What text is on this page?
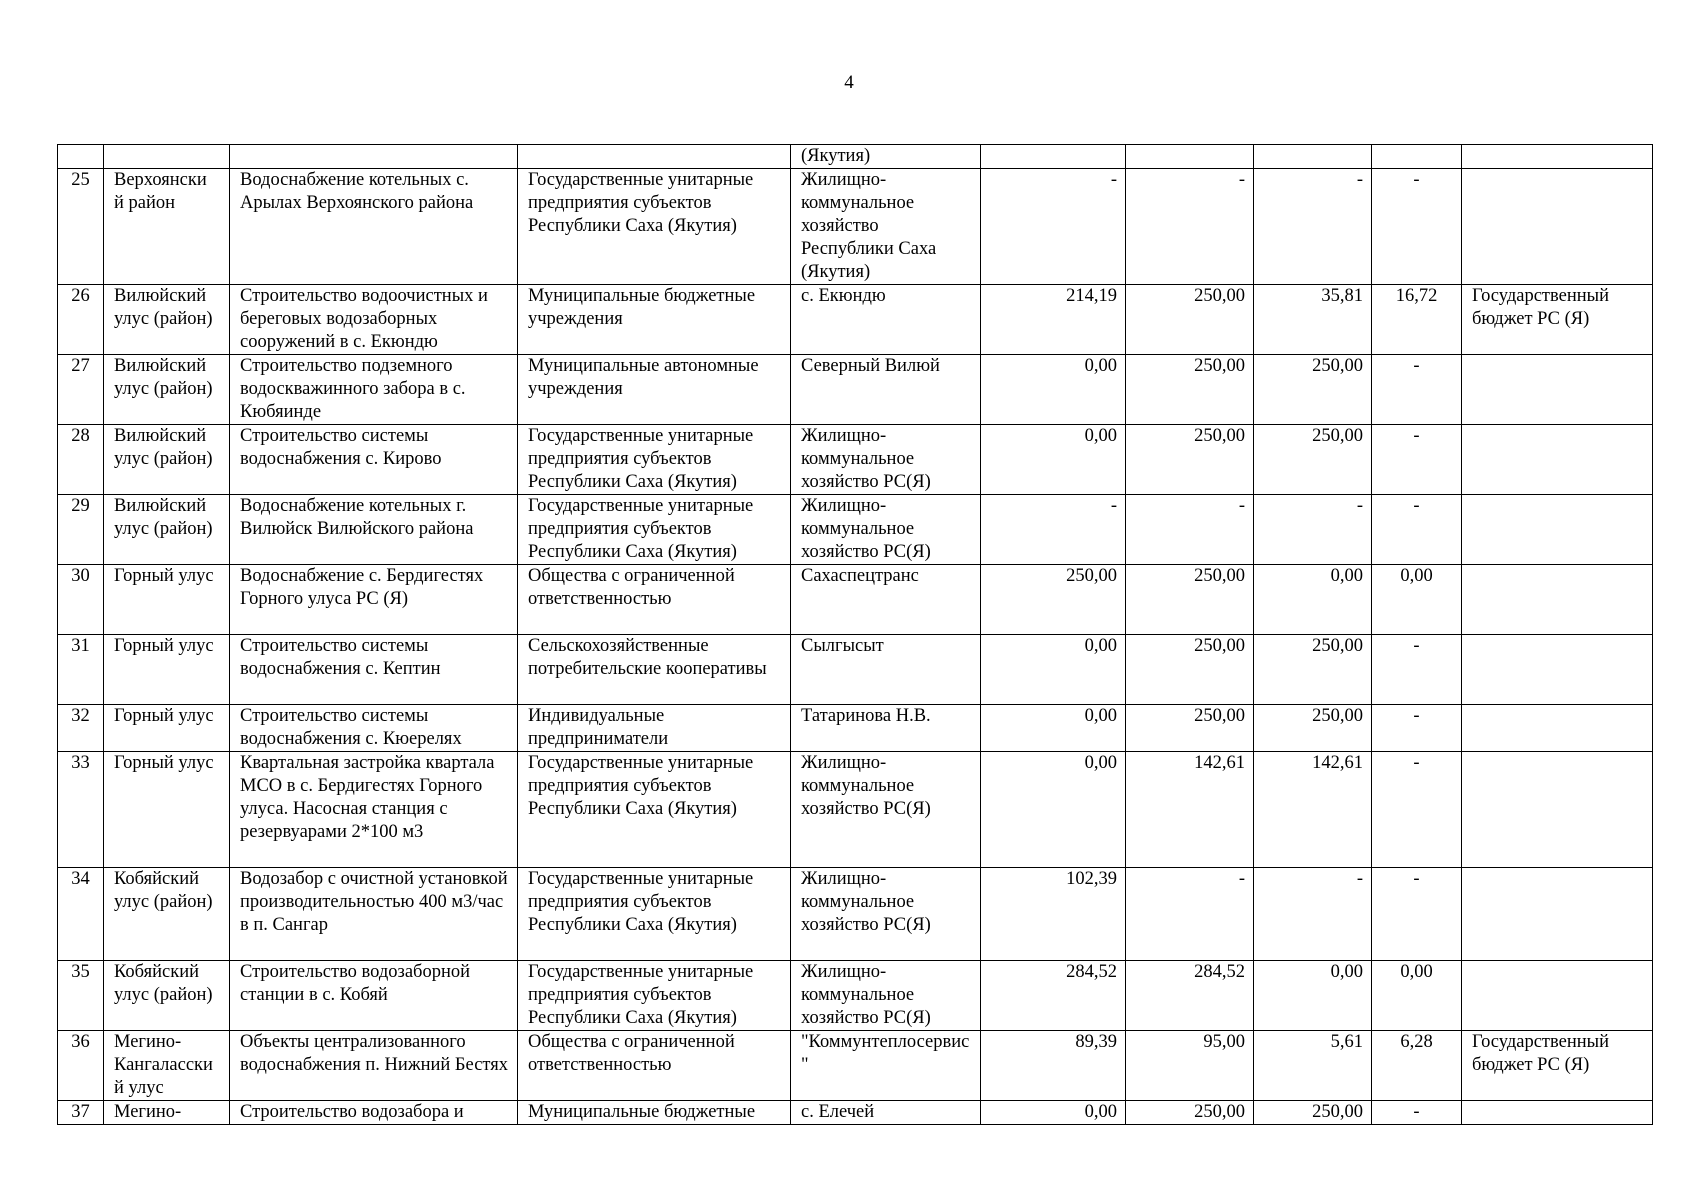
4
				(Якутия)					
25	Верхоянски й район	Водоснабжение котельных с. Арылах Верхоянского района	Государственные унитарные предприятия субъектов Республики Саха (Якутия)	Жилищно-коммунальное хозяйство Республики Саха (Якутия)	-	-	-	-	
26	Вилюйский улус (район)	Строительство водоочистных и береговых водозаборных сооружений в с. Екюндю	Муниципальные бюджетные учреждения	с. Екюндю	214,19	250,00	35,81	16,72	Государственный бюджет РС (Я)
27	Вилюйский улус (район)	Строительство подземного водоскважинного забора в с. Кюбяинде	Муниципальные автономные учреждения	Северный Вилюй	0,00	250,00	250,00	-	
28	Вилюйский улус (район)	Строительство системы водоснабжения с. Кирово	Государственные унитарные предприятия субъектов Республики Саха (Якутия)	Жилищно-коммунальное хозяйство РС(Я)	0,00	250,00	250,00	-	
29	Вилюйский улус (район)	Водоснабжение котельных г. Вилюйск Вилюйского района	Государственные унитарные предприятия субъектов Республики Саха (Якутия)	Жилищно-коммунальное хозяйство РС(Я)	-	-	-	-	
30	Горный улус	Водоснабжение с. Бердигестях Горного улуса РС (Я)	Общества с ограниченной ответственностью	Сахаспецтранс	250,00	250,00	0,00	0,00	
31	Горный улус	Строительство системы водоснабжения с. Кептин	Сельскохозяйственные потребительские кооперативы	Сылгысыт	0,00	250,00	250,00	-	
32	Горный улус	Строительство системы водоснабжения с. Кюерелях	Индивидуальные предприниматели	Татаринова Н.В.	0,00	250,00	250,00	-	
33	Горный улус	Квартальная застройка квартала МСО в с. Бердигестях Горного улуса. Насосная станция с резервуарами 2*100 м3	Государственные унитарные предприятия субъектов Республики Саха (Якутия)	Жилищно-коммунальное хозяйство РС(Я)	0,00	142,61	142,61	-	
34	Кобяйский улус (район)	Водозабор с очистной установкой производительностью 400 м3/час в п. Сангар	Государственные унитарные предприятия субъектов Республики Саха (Якутия)	Жилищно-коммунальное хозяйство РС(Я)	102,39	-	-	-	
35	Кобяйский улус (район)	Строительство водозаборной станции в с. Кобяй	Государственные унитарные предприятия субъектов Республики Саха (Якутия)	Жилищно-коммунальное хозяйство РС(Я)	284,52	284,52	0,00	0,00	
36	Мегино-Кангаласский улус	Объекты централизованного водоснабжения п. Нижний Бестях	Общества с ограниченной ответственностью	"Коммунтеплосервис"	89,39	95,00	5,61	6,28	Государственный бюджет РС (Я)
37	Мегино-	Строительство водозабора и	Муниципальные бюджетные	с. Елечей	0,00	250,00	250,00	-	
